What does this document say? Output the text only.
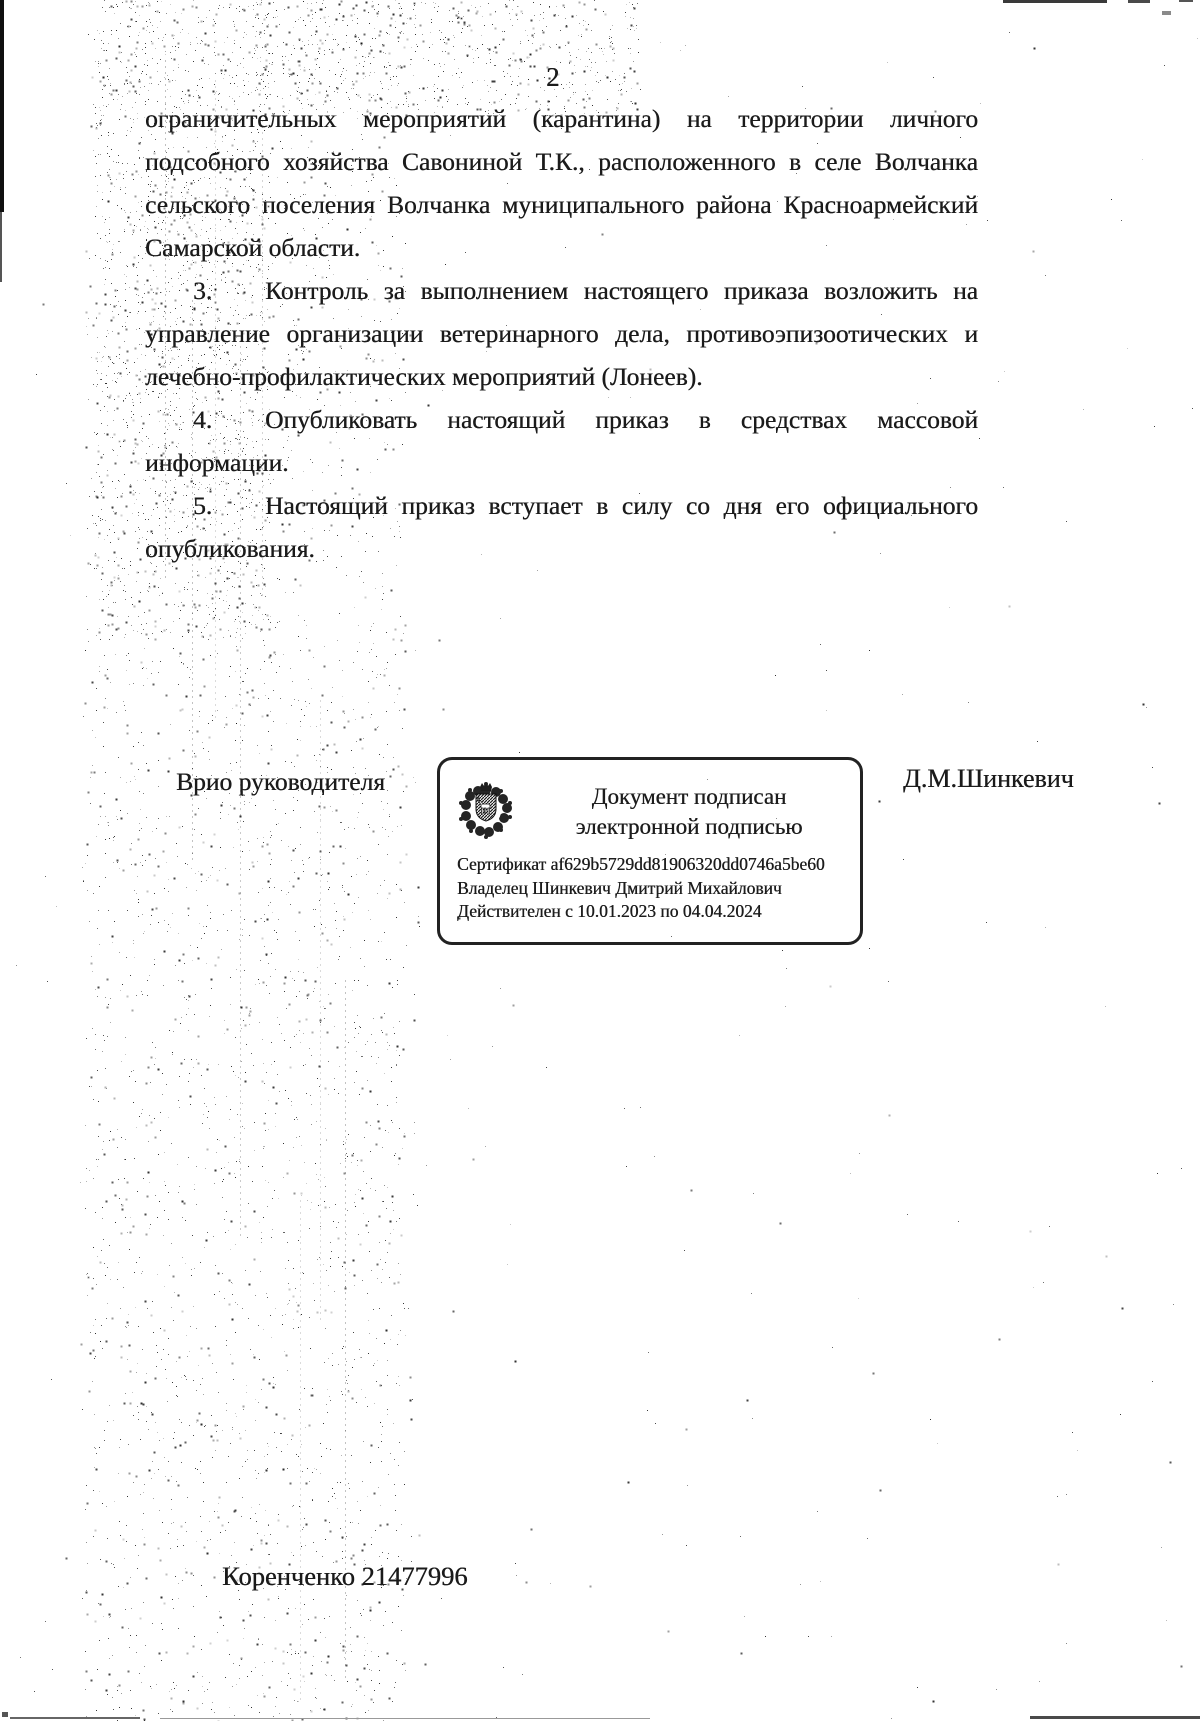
2

ограничительных мероприятий (карантина) на территории личного подсобного хозяйства Савониной Т.К., расположенного в селе Волчанка сельского поселения Волчанка муниципального района Красноармейский Самарской области.

3. Контроль за выполнением настоящего приказа возложить на управление организации ветеринарного дела, противоэпизоотических и лечебно-профилактических мероприятий (Лонеев).

4. Опубликовать настоящий приказ в средствах массовой информации.

5. Настоящий приказ вступает в силу со дня его официального опубликования.

Врио руководителя	Д.М.Шинкевич
Документ подписан
электронной подписью
Сертификат af629b5729dd81906320dd0746a5be60
Владелец Шинкевич Дмитрий Михайлович
Действителен с 10.01.2023 по 04.04.2024
Коренченко 21477996
